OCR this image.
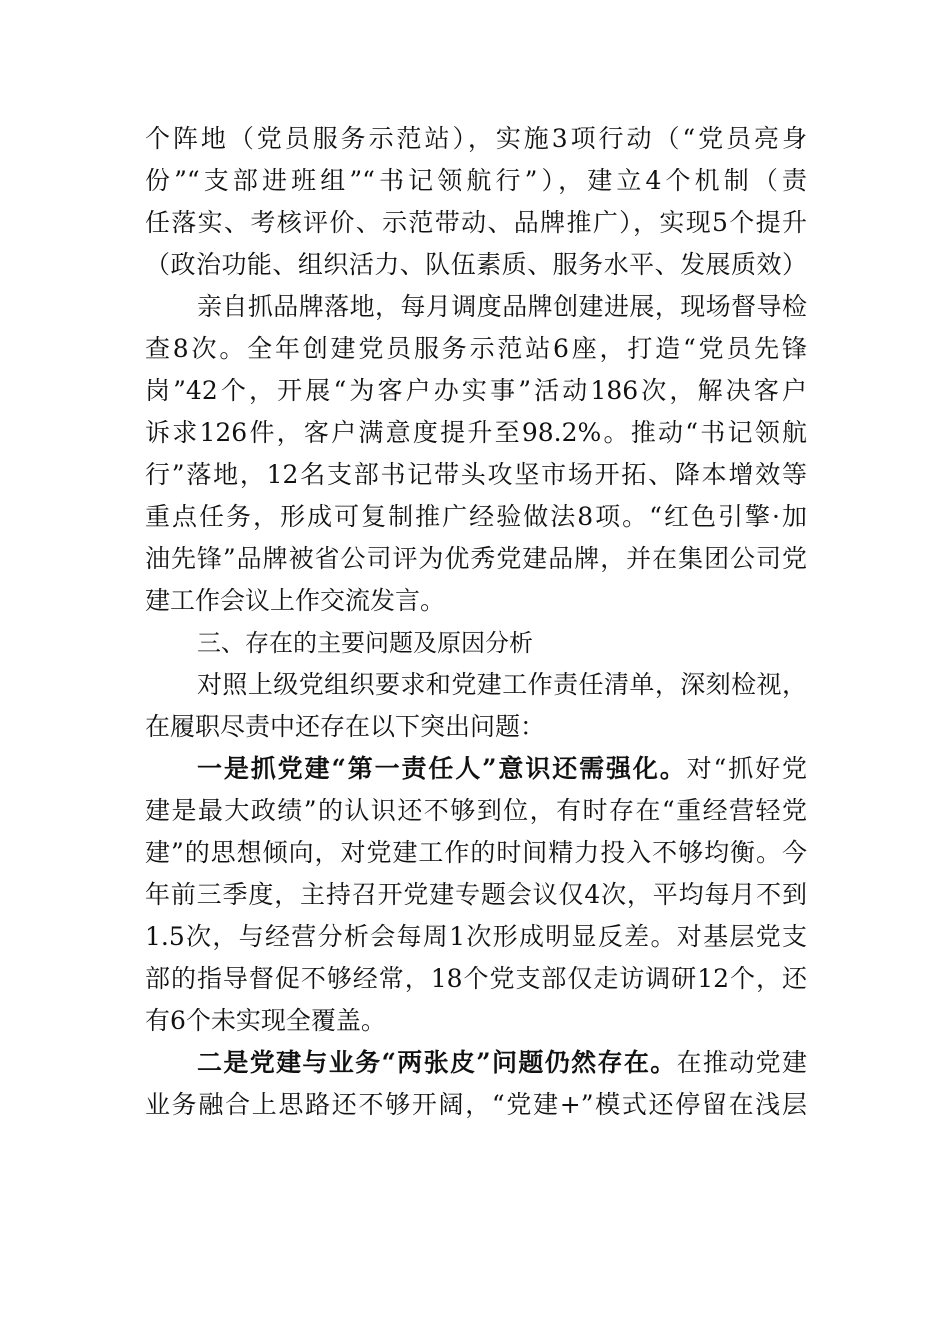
个阵地（党员服务示范站），实施3项行动（“党员亮身
份”“支部进班组”“书记领航行”），建立4个机制（责
任落实、考核评价、示范带动、品牌推广），实现5个提升
（政治功能、组织活力、队伍素质、服务水平、发展质效）
亲自抓品牌落地，每月调度品牌创建进展，现场督导检
查8次。全年创建党员服务示范站6座，打造“党员先锋
岗”42个，开展“为客户办实事”活动186次，解决客户
诉求126件，客户满意度提升至98.2%。推动“书记领航
行”落地，12名支部书记带头攻坚市场开拓、降本增效等
重点任务，形成可复制推广经验做法8项。“红色引擎·加
油先锋”品牌被省公司评为优秀党建品牌，并在集团公司党
建工作会议上作交流发言。
三、存在的主要问题及原因分析
对照上级党组织要求和党建工作责任清单，深刻检视，
在履职尽责中还存在以下突出问题：
一是抓党建“第一责任人”意识还需强化。对“抓好党
建是最大政绩”的认识还不够到位，有时存在“重经营轻党
建”的思想倾向，对党建工作的时间精力投入不够均衡。今
年前三季度，主持召开党建专题会议仅4次，平均每月不到
1.5次，与经营分析会每周1次形成明显反差。对基层党支
部的指导督促不够经常，18个党支部仅走访调研12个，还
有6个未实现全覆盖。
二是党建与业务“两张皮”问题仍然存在。在推动党建
业务融合上思路还不够开阔，“党建+”模式还停留在浅层
